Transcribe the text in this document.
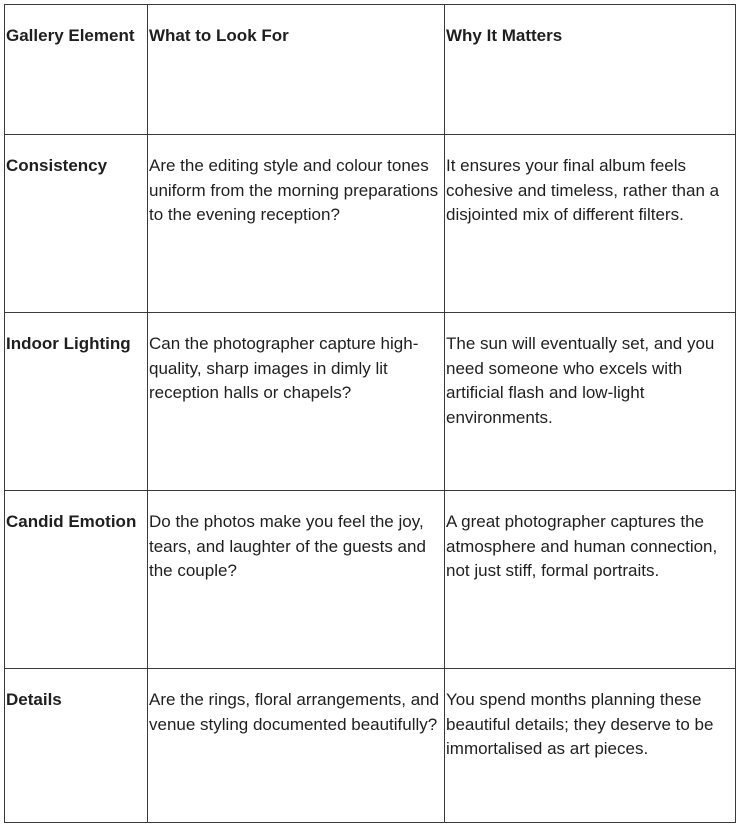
Gallery Element	What to Look For	Why It Matters
Consistency	Are the editing style and colour tones uniform from the morning preparations to the evening reception?	It ensures your final album feels cohesive and timeless, rather than a disjointed mix of different filters.
Indoor Lighting	Can the photographer capture high-quality, sharp images in dimly lit reception halls or chapels?	The sun will eventually set, and you need someone who excels with artificial flash and low-light environments.
Candid Emotion	Do the photos make you feel the joy, tears, and laughter of the guests and the couple?	A great photographer captures the atmosphere and human connection, not just stiff, formal portraits.
Details	Are the rings, floral arrangements, and venue styling documented beautifully?	You spend months planning these beautiful details; they deserve to be immortalised as art pieces.
